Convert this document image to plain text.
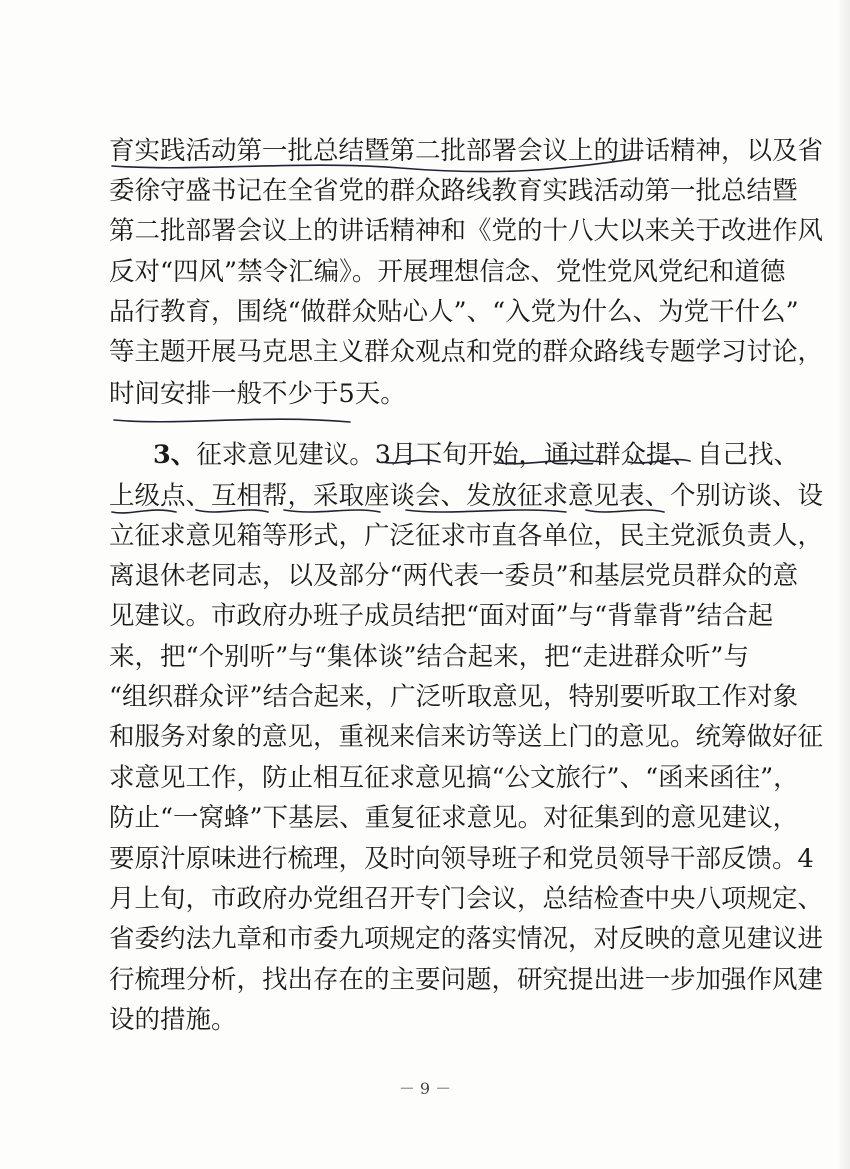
育实践活动第一批总结暨第二批部署会议上的讲话精神，以及省
委徐守盛书记在全省党的群众路线教育实践活动第一批总结暨
第二批部署会议上的讲话精神和《党的十八大以来关于改进作风
反对“四风”禁令汇编》。开展理想信念、党性党风党纪和道德
品行教育，围绕“做群众贴心人”、“入党为什么、为党干什么”
等主题开展马克思主义群众观点和党的群众路线专题学习讨论，
时间安排一般不少于5天。
3、征求意见建议。3月下旬开始，通过群众提、自己找、
上级点、互相帮，采取座谈会、发放征求意见表、个别访谈、设
立征求意见箱等形式，广泛征求市直各单位，民主党派负责人，
离退休老同志，以及部分“两代表一委员”和基层党员群众的意
见建议。市政府办班子成员结把“面对面”与“背靠背”结合起
来，把“个别听”与“集体谈”结合起来，把“走进群众听”与
“组织群众评”结合起来，广泛听取意见，特别要听取工作对象
和服务对象的意见，重视来信来访等送上门的意见。统筹做好征
求意见工作，防止相互征求意见搞“公文旅行”、“函来函往”，
防止“一窝蜂”下基层、重复征求意见。对征集到的意见建议，
要原汁原味进行梳理，及时向领导班子和党员领导干部反馈。4
月上旬，市政府办党组召开专门会议，总结检查中央八项规定、
省委约法九章和市委九项规定的落实情况，对反映的意见建议进
行梳理分析，找出存在的主要问题，研究提出进一步加强作风建
设的措施。
－ 9 －
